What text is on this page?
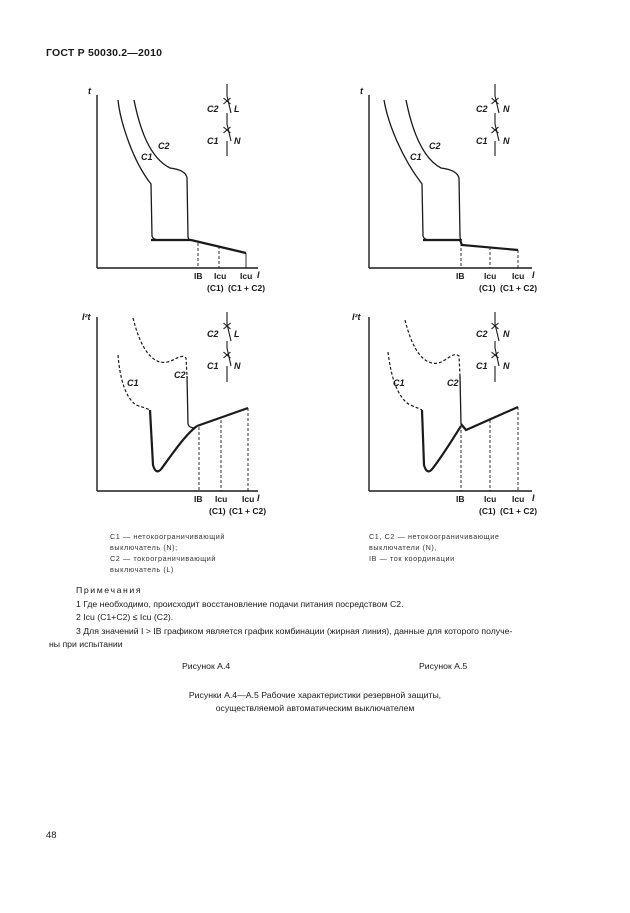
ГОСТ Р 50030.2—2010
t
I
C1
C2
C2 L
C1 N
IB Icu Icu
(C1) (C1 + C2)
t
I
C1
C2
C2 N
C1 N
IB Icu Icu
(C1) (C1 + C2)
I²t
I
C1
C2
C2 L
C1 N
IB Icu Icu
(C1) (C1 + C2)
I²t
I
C1	C2
C2 N
C1 N
IB Icu Icu
(C1) (C1 + C2)
C1 — нетокоограничивающий
выключатель (N);
C2 — токоограничивающий
выключатель (L)
C1, C2 — нетокоограничивающие
выключатели (N),
IB — ток координации
Примечания
1 Где необходимо, происходит восстановление подачи питания посредством C2.
2 Icu (C1+C2) ≤ Icu (C2).
3 Для значений I > IB графиком является график комбинации (жирная линия), данные для которого получе-
ны при испытании
Рисунок А.4	Рисунок А.5
Рисунки А.4—А.5 Рабочие характеристики резервной защиты,
осуществляемой автоматическим выключателем
48
